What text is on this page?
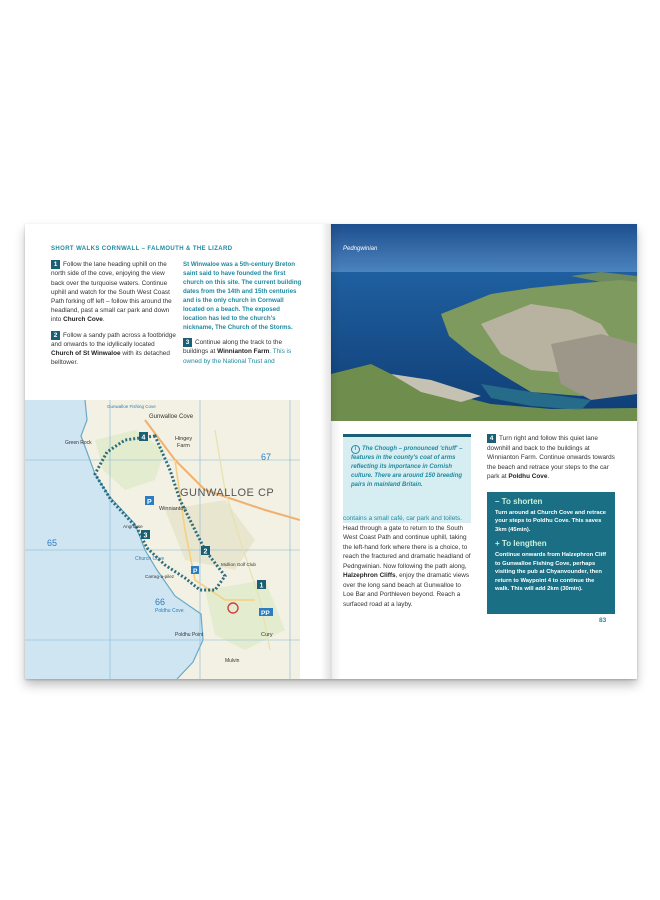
SHORT WALKS CORNWALL – FALMOUTH & THE LIZARD
1 Follow the lane heading uphill on the north side of the cove, enjoying the view back over the turquoise waters. Continue uphill and watch for the South West Coast Path forking off left – follow this around the headland, past a small car park and down into Church Cove.
2 Follow a sandy path across a footbridge and onwards to the idyllically located Church of St Winwaloe with its detached belltower.
St Winwaloe was a 5th-century Breton saint said to have founded the first church on this site. The current building dates from the 14th and 15th centuries and is the only church in Cornwall located on a beach. The exposed location has led to the church's nickname, The Church of the Storms.
3 Continue along the track to the buildings at Winnianton Farm. This is owned by the National Trust and
P
P
PP
1
2
3
4
Gunwalloe Cove
GUNWALLOE CP
65
66
67
Hingey
Farm
Winnianton
Church Cove
Poldhu Cove
Poldhu Point
Mullion Golf Club
Gunwalloe Fishing Cove
Carrag-a-pilez
Mulvin
Angrouse
Cury
Green Rock
Pedngwinian
i The Chough – pronounced 'chuff' – features in the county's coat of arms reflecting its importance in Cornish culture. There are around 150 breeding pairs in mainland Britain.
contains a small café, car park and toilets. Head through a gate to return to the South West Coast Path and continue uphill, taking the left-hand fork where there is a choice, to reach the fractured and dramatic headland of Pedngwinian. Now following the path along, Halzephron Cliffs, enjoy the dramatic views over the long sand beach at Gunwalloe to Loe Bar and Porthleven beyond. Reach a surfaced road at a layby.
4 Turn right and follow this quiet lane downhill and back to the buildings at Winnianton Farm. Continue onwards towards the beach and retrace your steps to the car park at Poldhu Cove.
– To shorten
Turn around at Church Cove and retrace your steps to Poldhu Cove. This saves 3km (45min).
+ To lengthen
Continue onwards from Halzephron Cliff to Gunwalloe Fishing Cove, perhaps visiting the pub at Chyanvounder, then return to Waypoint 4 to continue the walk. This will add 2km (30min).
83
